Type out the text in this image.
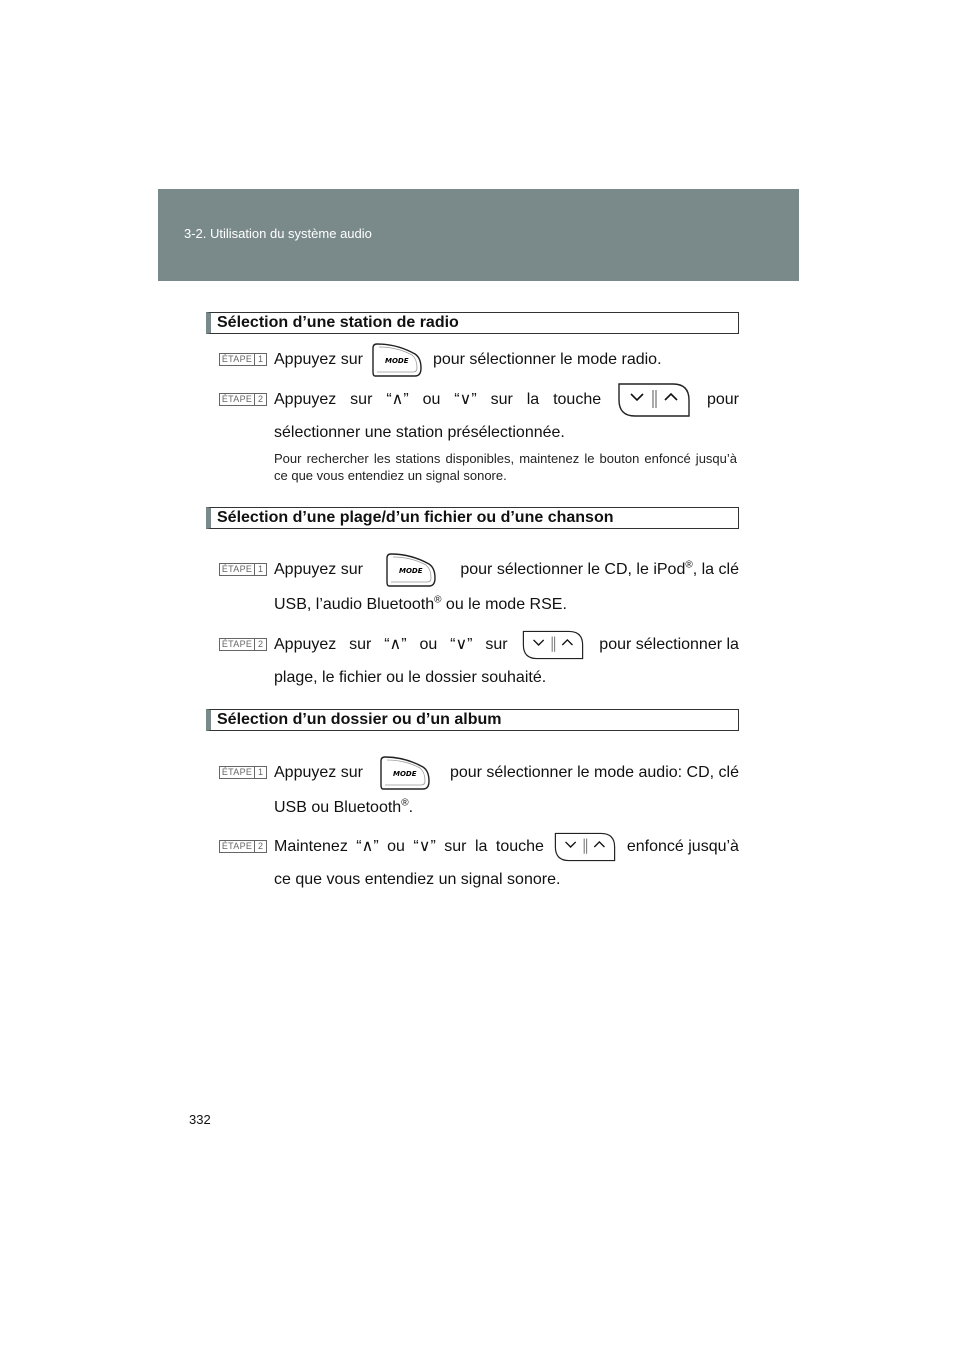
3-2. Utilisation du système audio
Sélection d’une station de radio
ÉTAPE 1 Appuyez sur	MODE pour sélectionner le mode radio.
ÉTAPE 2 Appuyez sur “∧” ou “∨” sur la touche	pour
sélectionner une station présélectionnée.
Pour rechercher les stations disponibles, maintenez le bouton enfoncé jusqu’à ce que vous entendiez un signal sonore.
Sélection d’une plage/d’un fichier ou d’une chanson
ÉTAPE 1 Appuyez sur	MODE pour sélectionner le CD, le iPod®, la clé
USB, l’audio Bluetooth® ou le mode RSE.
ÉTAPE 2 Appuyez sur “∧” ou “∨” sur	pour sélectionner la
plage, le fichier ou le dossier souhaité.
Sélection d’un dossier ou d’un album
ÉTAPE 1 Appuyez sur	MODE pour sélectionner le mode audio: CD, clé
USB ou Bluetooth®.
ÉTAPE 2 Maintenez “∧” ou “∨” sur la touche	enfoncé jusqu’à
ce que vous entendiez un signal sonore.
332
